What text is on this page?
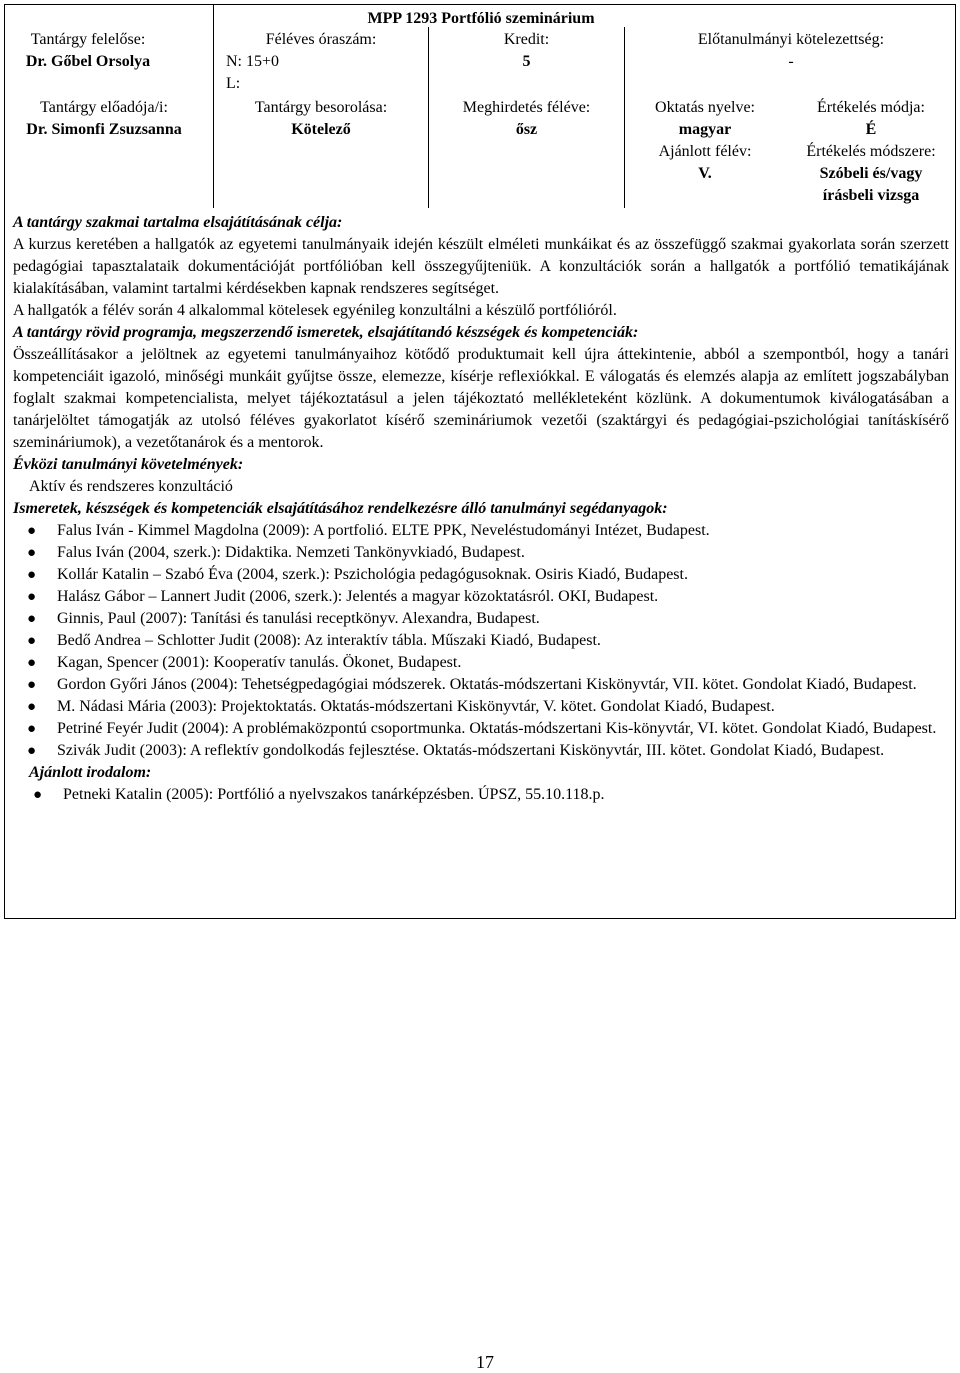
MPP 1293 Portfólió szeminárium
Tantárgy felelőse:
Dr. Gőbel Orsolya
Féléves óraszám:
N: 15+0
L:
Kredit:
5
Előtanulmányi kötelezettség:
-
Tantárgy előadója/i:
Dr. Simonfi Zsuzsanna
Tantárgy besorolása:
Kötelező
Meghirdetés féléve:
ősz
Oktatás nyelve:
magyar
Ajánlott félév:
V.
Értékelés módja:
É
Értékelés módszere:
Szóbeli és/vagy
írásbeli vizsga
A tantárgy szakmai tartalma elsajátításának célja:
A kurzus keretében a hallgatók az egyetemi tanulmányaik idején készült elméleti munkáikat és az összefüggő szakmai gyakorlata során szerzett pedagógiai tapasztalataik dokumentációját portfólióban kell összegyűjteniük. A konzultációk során a hallgatók a portfólió tematikájának kialakításában, valamint tartalmi kérdésekben kapnak rendszeres segítséget.
A hallgatók a félév során 4 alkalommal kötelesek egyénileg konzultálni a készülő portfólióról.
A tantárgy rövid programja, megszerzendő ismeretek, elsajátítandó készségek és kompetenciák:
Összeállításakor a jelöltnek az egyetemi tanulmányaihoz kötődő produktumait kell újra áttekintenie, abból a szempontból, hogy a tanári kompetenciáit igazoló, minőségi munkáit gyűjtse össze, elemezze, kísérje reflexiókkal. E válogatás és elemzés alapja az említett jogszabályban foglalt szakmai kompetencialista, melyet tájékoztatásul a jelen tájékoztató mellékleteként közlünk. A dokumentumok kiválogatásában a tanárjelöltet támogatják az utolsó féléves gyakorlatot kísérő szemináriumok vezetői (szaktárgyi és pedagógiai-pszichológiai tanításkísérő szemináriumok), a vezetőtanárok és a mentorok.
Évközi tanulmányi követelmények:
Aktív és rendszeres konzultáció
Ismeretek, készségek és kompetenciák elsajátításához rendelkezésre álló tanulmányi segédanyagok:
● Falus Iván - Kimmel Magdolna (2009): A portfolió. ELTE PPK, Neveléstudományi Intézet, Budapest.
● Falus Iván (2004, szerk.): Didaktika. Nemzeti Tankönyvkiadó, Budapest.
● Kollár Katalin – Szabó Éva (2004, szerk.): Pszichológia pedagógusoknak. Osiris Kiadó, Budapest.
● Halász Gábor – Lannert Judit (2006, szerk.): Jelentés a magyar közoktatásról. OKI, Budapest.
● Ginnis, Paul (2007): Tanítási és tanulási receptkönyv. Alexandra, Budapest.
● Bedő Andrea – Schlotter Judit (2008): Az interaktív tábla. Műszaki Kiadó, Budapest.
● Kagan, Spencer (2001): Kooperatív tanulás. Ökonet, Budapest.
● Gordon Győri János (2004): Tehetségpedagógiai módszerek. Oktatás-módszertani Kiskönyvtár, VII. kötet. Gondolat Kiadó, Budapest.
● M. Nádasi Mária (2003): Projektoktatás. Oktatás-módszertani Kiskönyvtár, V. kötet. Gondolat Kiadó, Budapest.
● Petriné Feyér Judit (2004): A problémaközpontú csoportmunka. Oktatás-módszertani Kis-könyvtár, VI. kötet. Gondolat Kiadó, Budapest.
● Szivák Judit (2003): A reflektív gondolkodás fejlesztése. Oktatás-módszertani Kiskönyvtár, III. kötet. Gondolat Kiadó, Budapest.
Ajánlott irodalom:
● Petneki Katalin (2005): Portfólió a nyelvszakos tanárképzésben. ÚPSZ, 55.10.118.p.
17
